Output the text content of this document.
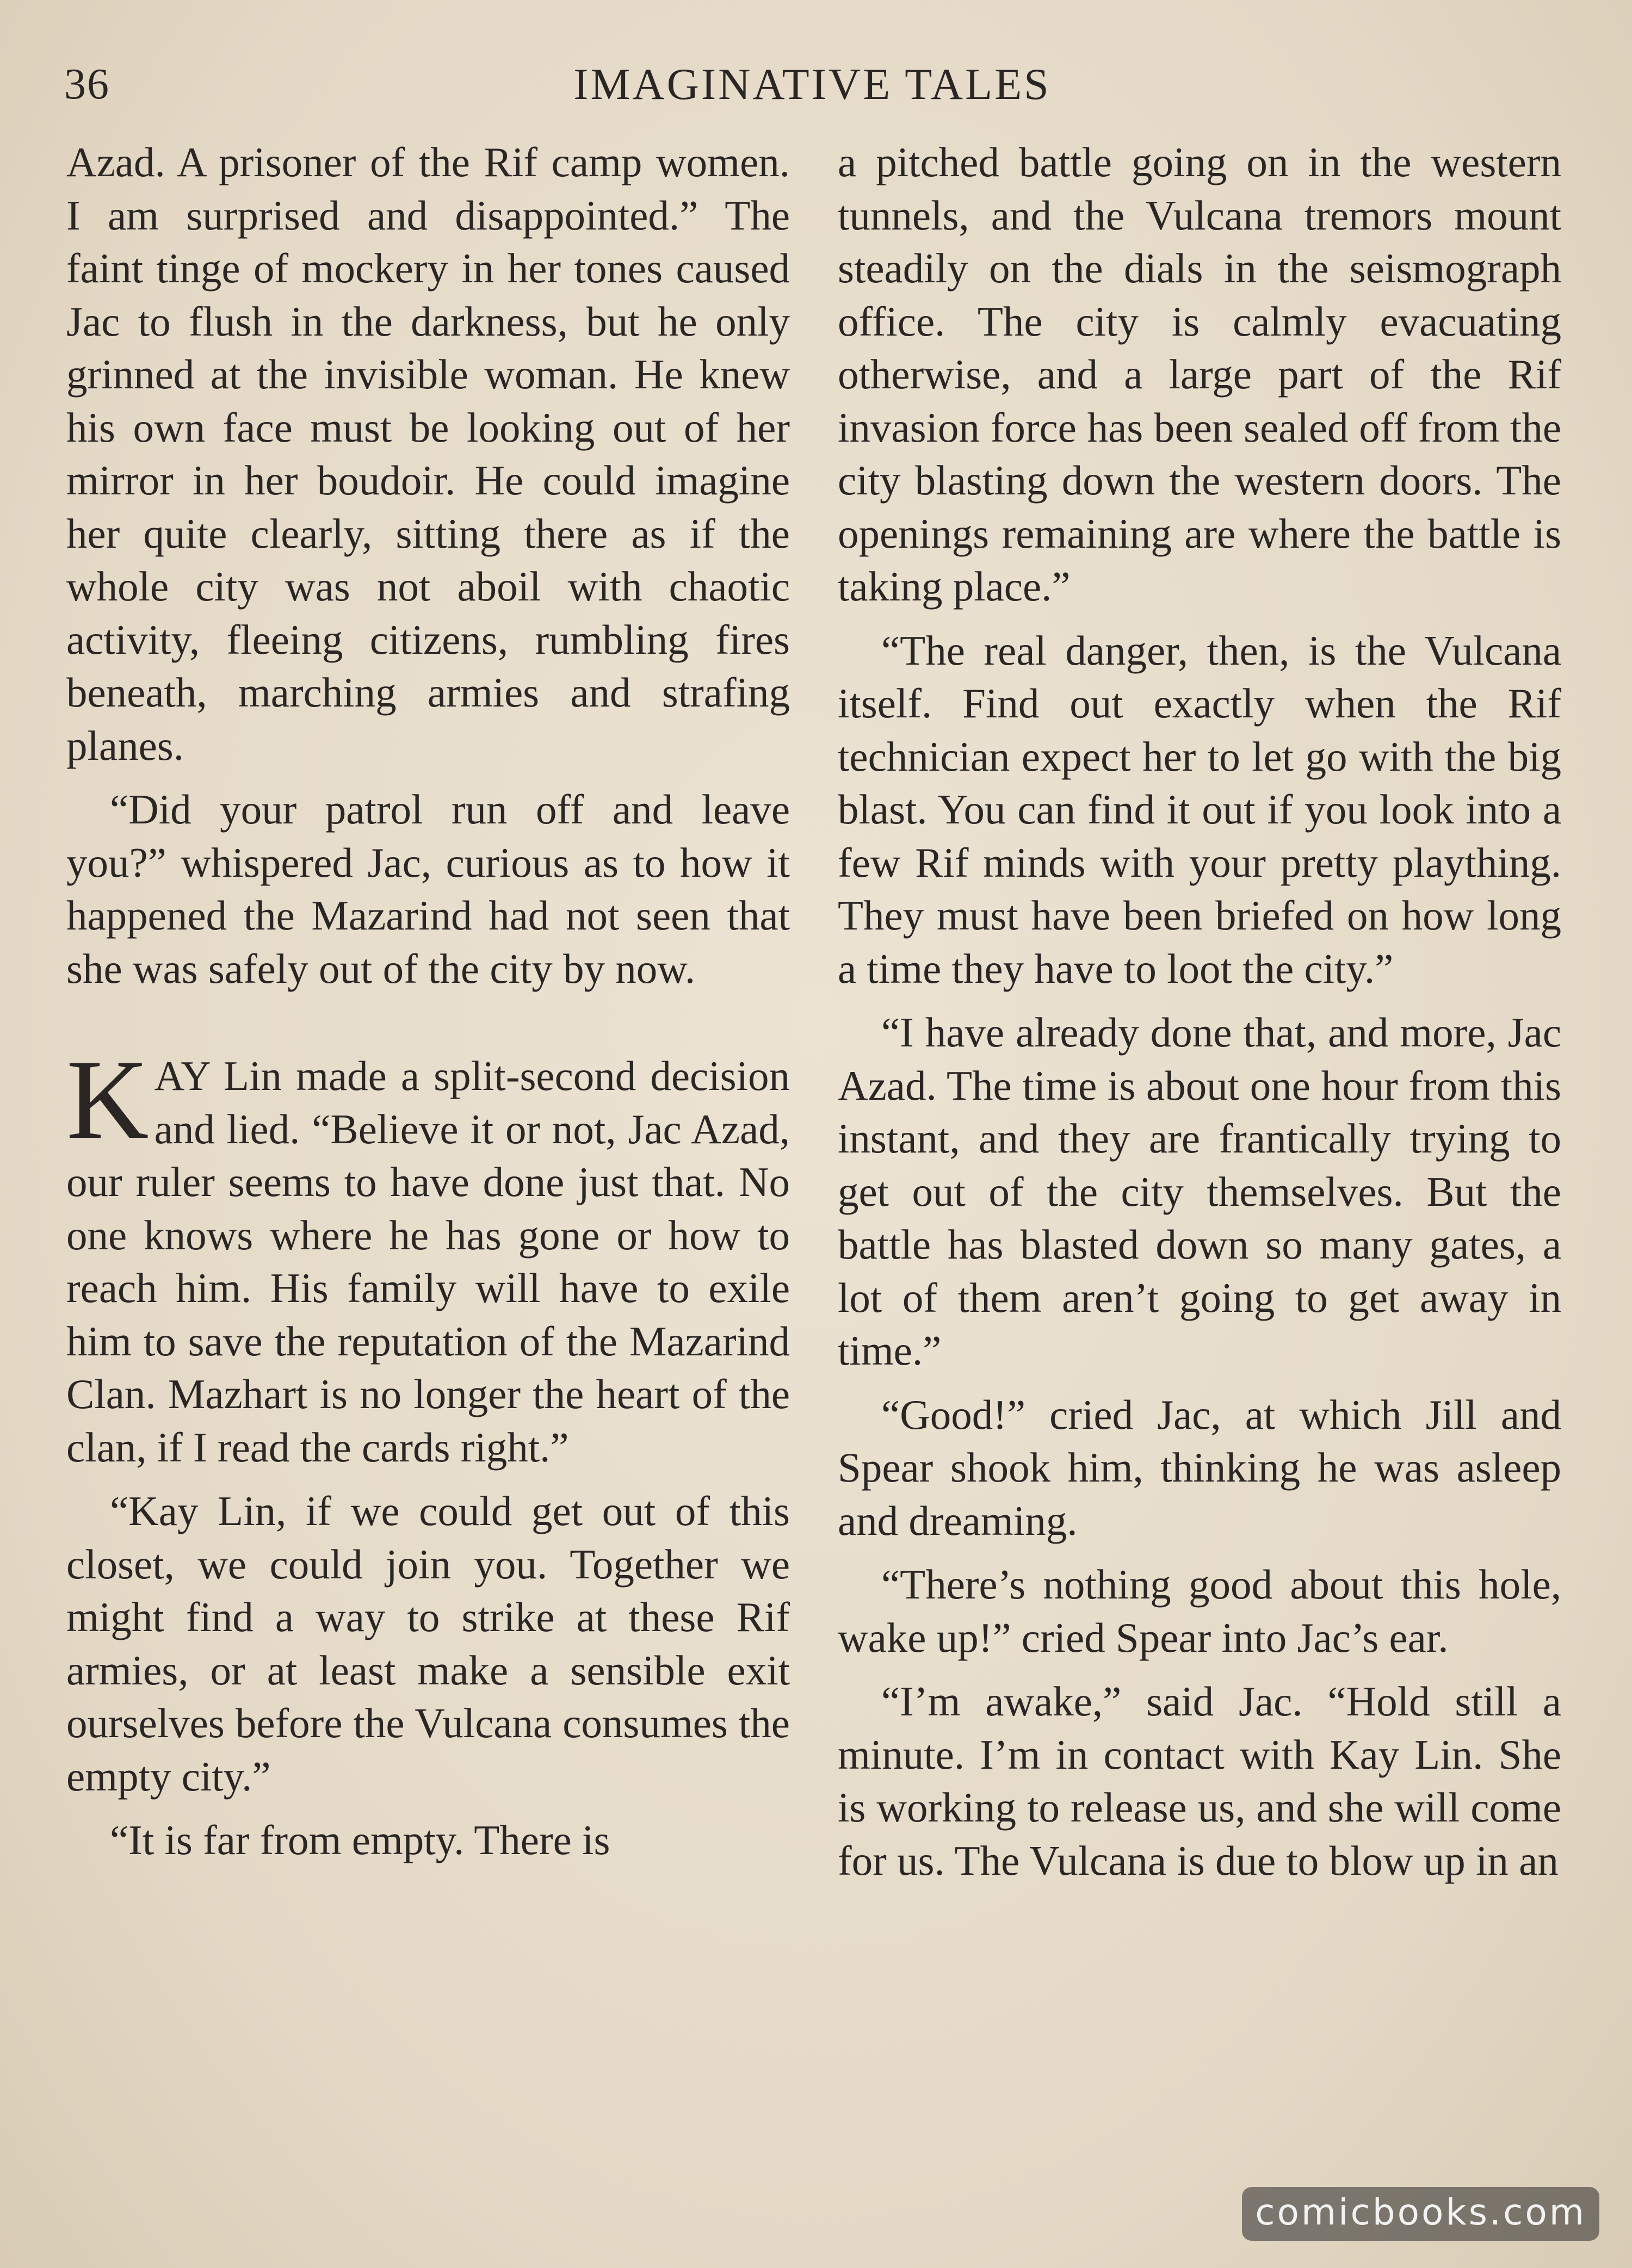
36	IMAGINATIVE TALES

Azad. A prisoner of the Rif camp women. I am surprised and disappointed.” The faint tinge of mockery in her tones caused Jac to flush in the darkness, but he only grinned at the invisible woman. He knew his own face must be looking out of her mirror in her boudoir. He could imagine her quite clearly, sitting there as if the whole city was not aboil with chaotic activity, fleeing citizens, rumbling fires beneath, marching armies and strafing planes.

“Did your patrol run off and leave you?” whispered Jac, curious as to how it happened the Mazarind had not seen that she was safely out of the city by now.

KAY Lin made a split-second decision and lied. “Believe it or not, Jac Azad, our ruler seems to have done just that. No one knows where he has gone or how to reach him. His family will have to exile him to save the reputation of the Mazarind Clan. Mazhart is no longer the heart of the clan, if I read the cards right.”

“Kay Lin, if we could get out of this closet, we could join you. Together we might find a way to strike at these Rif armies, or at least make a sensible exit ourselves before the Vulcana consumes the empty city.”

“It is far from empty. There is

a pitched battle going on in the western tunnels, and the Vulcana tremors mount steadily on the dials in the seismograph office. The city is calmly evacuating otherwise, and a large part of the Rif invasion force has been sealed off from the city blasting down the western doors. The openings remaining are where the battle is taking place.”

“The real danger, then, is the Vulcana itself. Find out exactly when the Rif technician expect her to let go with the big blast. You can find it out if you look into a few Rif minds with your pretty plaything. They must have been briefed on how long a time they have to loot the city.”

“I have already done that, and more, Jac Azad. The time is about one hour from this instant, and they are frantically trying to get out of the city themselves. But the battle has blasted down so many gates, a lot of them aren’t going to get away in time.”

“Good!” cried Jac, at which Jill and Spear shook him, thinking he was asleep and dreaming.

“There’s nothing good about this hole, wake up!” cried Spear into Jac’s ear.

“I’m awake,” said Jac. “Hold still a minute. I’m in contact with Kay Lin. She is working to release us, and she will come for us. The Vulcana is due to blow up in an

comicbooks.com
